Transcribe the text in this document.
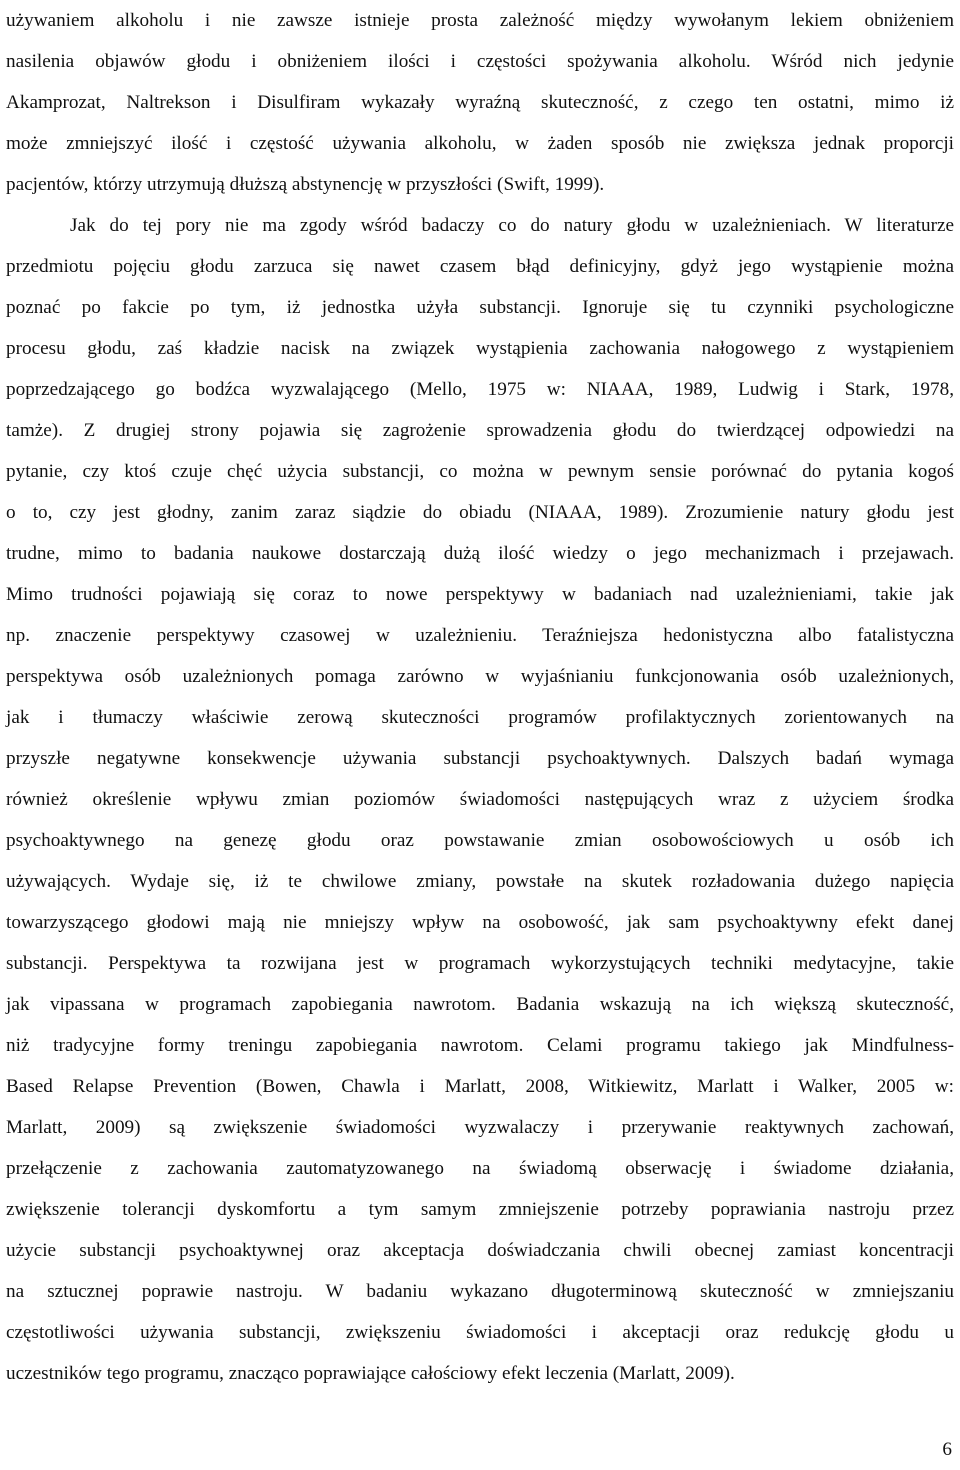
używaniem alkoholu i nie zawsze istnieje prosta zależność między wywołanym lekiem obniżeniem
nasilenia objawów głodu i obniżeniem ilości i częstości spożywania alkoholu. Wśród nich jedynie
Akamprozat, Naltrekson i Disulfiram wykazały wyraźną skuteczność, z czego ten ostatni, mimo iż
może zmniejszyć ilość i częstość używania alkoholu, w żaden sposób nie zwiększa jednak proporcji
pacjentów, którzy utrzymują dłuższą abstynencję w przyszłości (Swift, 1999).
Jak do tej pory nie ma zgody wśród badaczy co do natury głodu w uzależnieniach. W literaturze
przedmiotu pojęciu głodu zarzuca się nawet czasem błąd definicyjny, gdyż jego wystąpienie można
poznać po fakcie po tym, iż jednostka użyła substancji. Ignoruje się tu czynniki psychologiczne
procesu głodu, zaś kładzie nacisk na związek wystąpienia zachowania nałogowego z wystąpieniem
poprzedzającego go bodźca wyzwalającego (Mello, 1975 w: NIAAA, 1989, Ludwig i Stark, 1978,
tamże). Z drugiej strony pojawia się zagrożenie sprowadzenia głodu do twierdzącej odpowiedzi na
pytanie, czy ktoś czuje chęć użycia substancji, co można w pewnym sensie porównać do pytania kogoś
o to, czy jest głodny, zanim zaraz siądzie do obiadu (NIAAA, 1989). Zrozumienie natury głodu jest
trudne, mimo to badania naukowe dostarczają dużą ilość wiedzy o jego mechanizmach i przejawach.
Mimo trudności pojawiają się coraz to nowe perspektywy w badaniach nad uzależnieniami, takie jak
np. znaczenie perspektywy czasowej w uzależnieniu. Teraźniejsza hedonistyczna albo fatalistyczna
perspektywa osób uzależnionych pomaga zarówno w wyjaśnianiu funkcjonowania osób uzależnionych,
jak i tłumaczy właściwie zerową skuteczności programów profilaktycznych zorientowanych na
przyszłe negatywne konsekwencje używania substancji psychoaktywnych. Dalszych badań wymaga
również określenie wpływu zmian poziomów świadomości następujących wraz z użyciem środka
psychoaktywnego na genezę głodu oraz powstawanie zmian osobowościowych u osób ich
używających. Wydaje się, iż te chwilowe zmiany, powstałe na skutek rozładowania dużego napięcia
towarzyszącego głodowi mają nie mniejszy wpływ na osobowość, jak sam psychoaktywny efekt danej
substancji. Perspektywa ta rozwijana jest w programach wykorzystujących techniki medytacyjne, takie
jak vipassana w programach zapobiegania nawrotom. Badania wskazują na ich większą skuteczność,
niż tradycyjne formy treningu zapobiegania nawrotom. Celami programu takiego jak Mindfulness-
Based Relapse Prevention (Bowen, Chawla i Marlatt, 2008, Witkiewitz, Marlatt i Walker, 2005 w:
Marlatt, 2009) są zwiększenie świadomości wyzwalaczy i przerywanie reaktywnych zachowań,
przełączenie z zachowania zautomatyzowanego na świadomą obserwację i świadome działania,
zwiększenie tolerancji dyskomfortu a tym samym zmniejszenie potrzeby poprawiania nastroju przez
użycie substancji psychoaktywnej oraz akceptacja doświadczania chwili obecnej zamiast koncentracji
na sztucznej poprawie nastroju. W badaniu wykazano długoterminową skuteczność w zmniejszaniu
częstotliwości używania substancji, zwiększeniu świadomości i akceptacji oraz redukcję głodu u
uczestników tego programu, znacząco poprawiające całościowy efekt leczenia (Marlatt, 2009).
6
